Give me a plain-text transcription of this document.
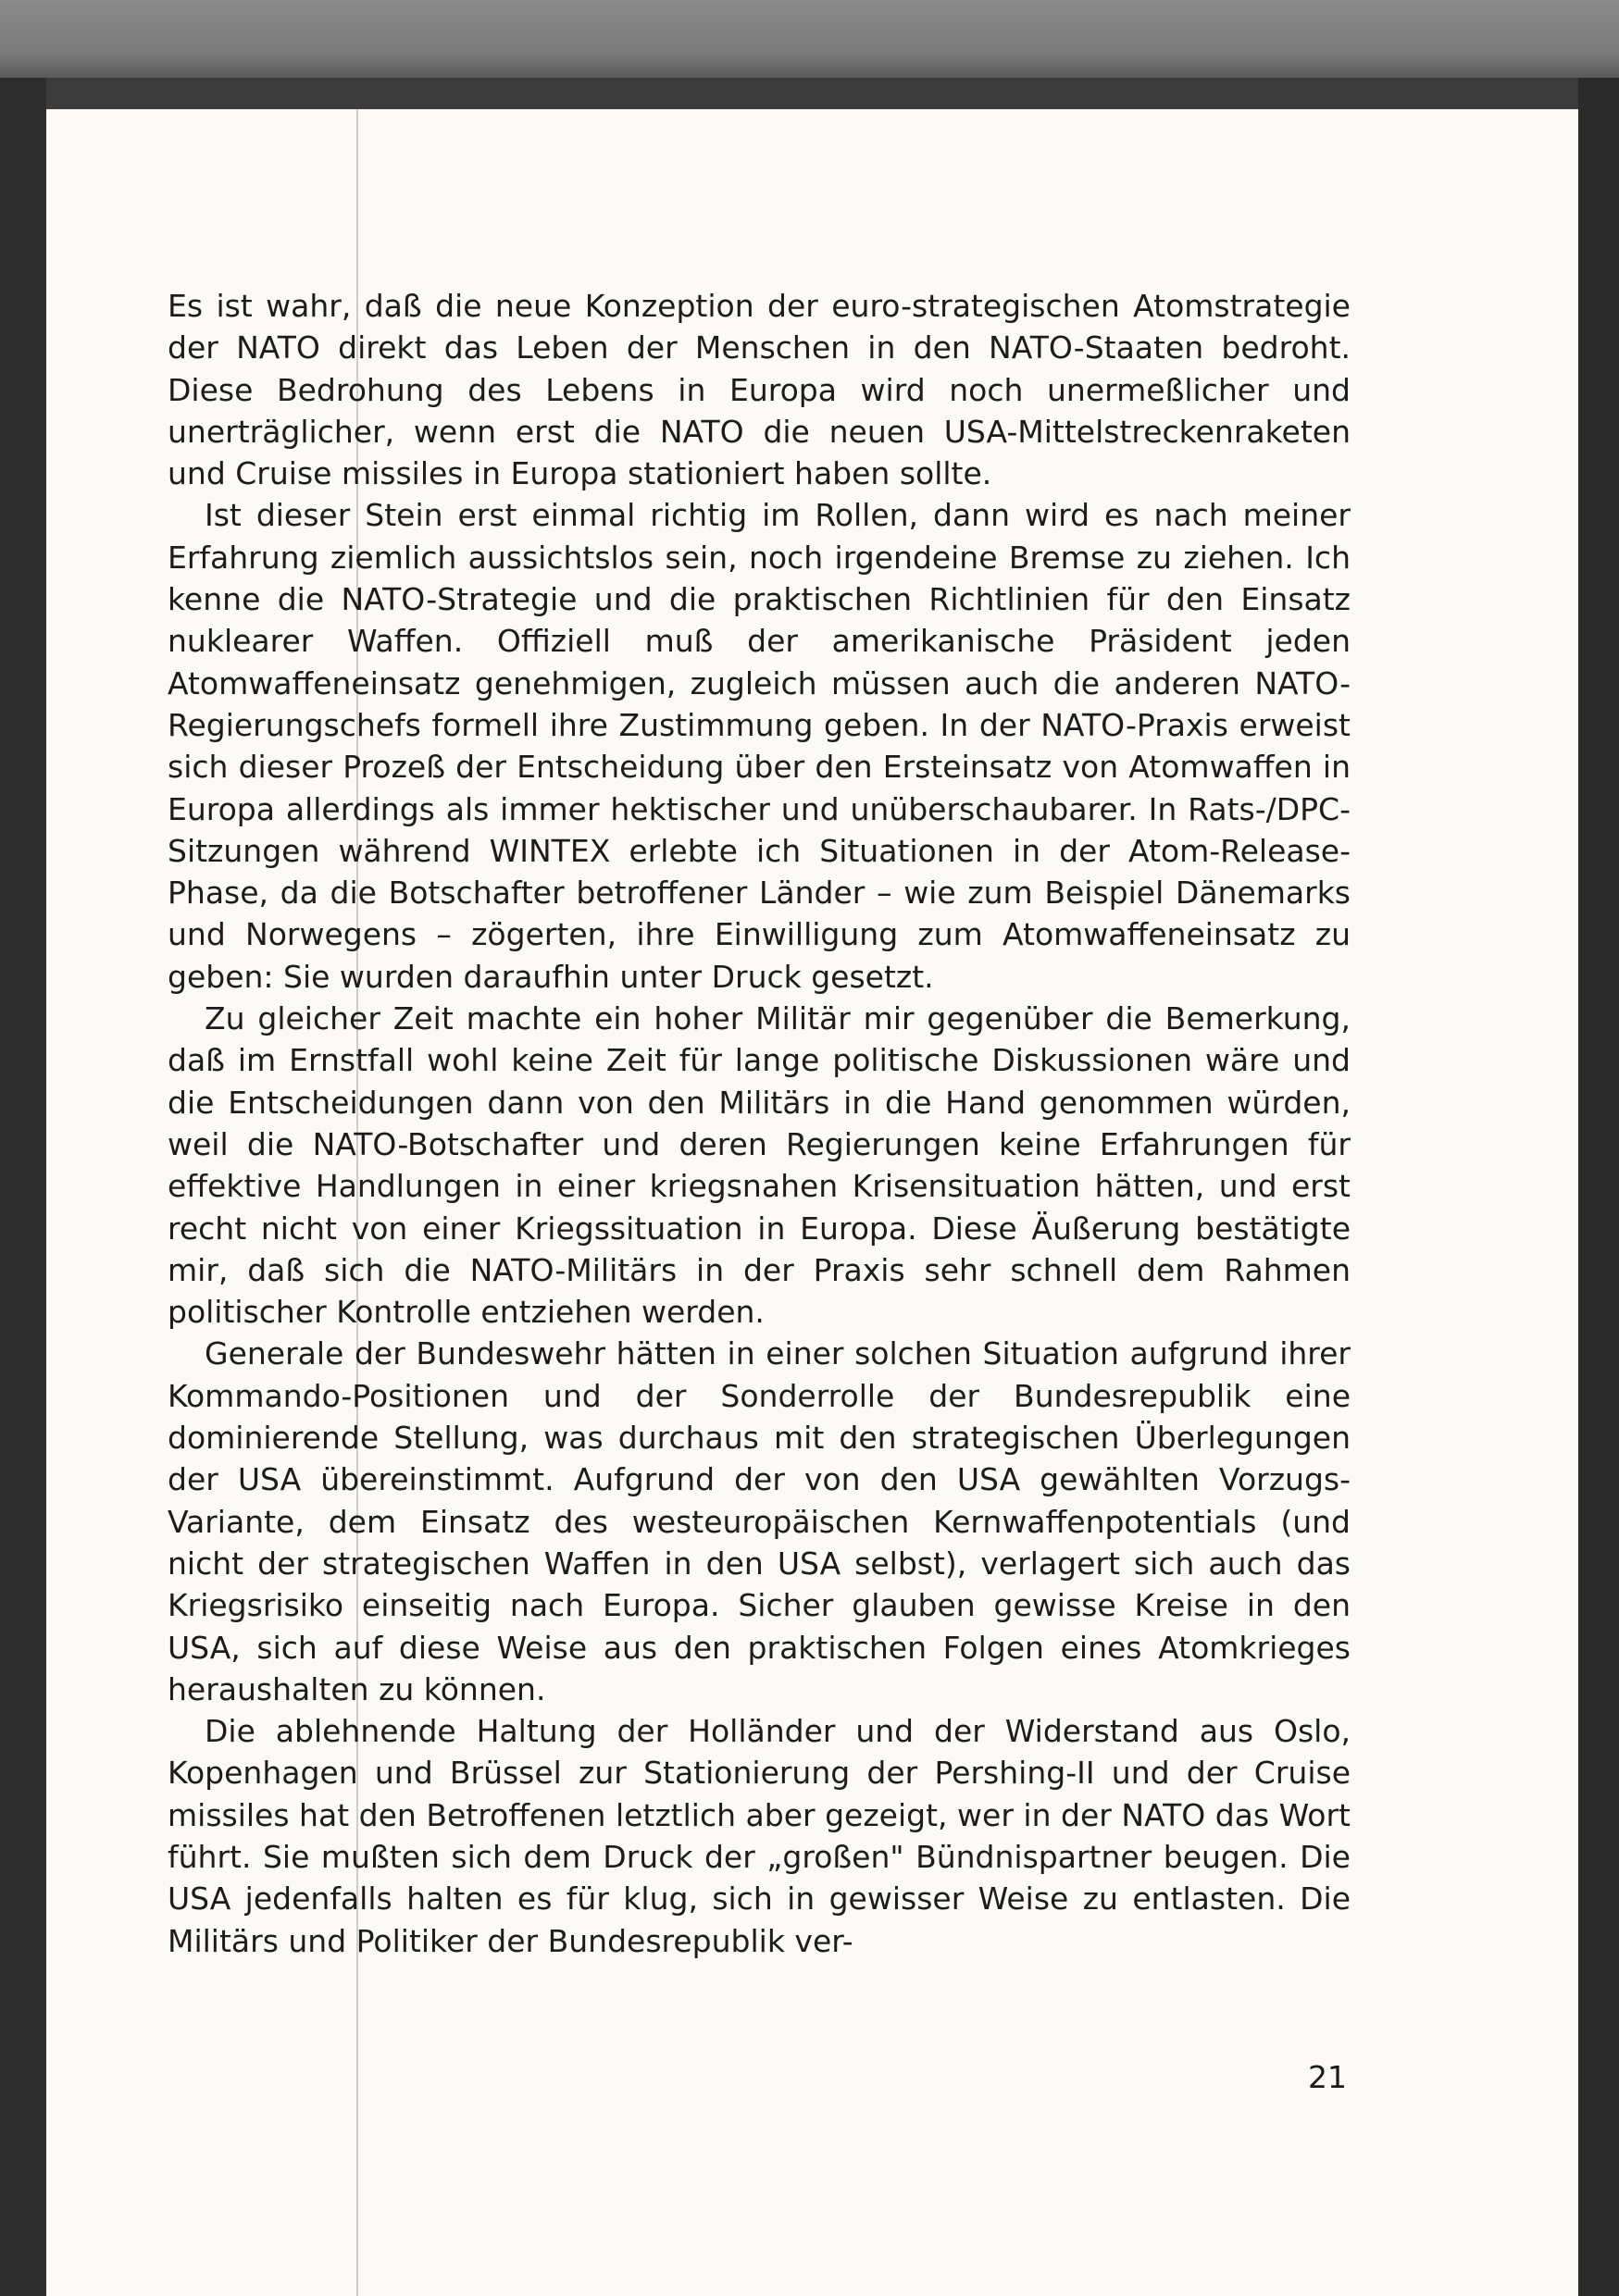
Es ist wahr, daß die neue Konzeption der euro-strategischen Atomstrategie der NATO direkt das Leben der Menschen in den NATO-Staaten bedroht. Diese Bedrohung des Lebens in Europa wird noch unermeßlicher und unerträglicher, wenn erst die NATO die neuen USA-Mittelstreckenraketen und Cruise missiles in Europa stationiert haben sollte.

Ist dieser Stein erst einmal richtig im Rollen, dann wird es nach meiner Erfahrung ziemlich aussichtslos sein, noch irgendeine Bremse zu ziehen. Ich kenne die NATO-Strategie und die praktischen Richtlinien für den Einsatz nuklearer Waffen. Offiziell muß der amerikanische Präsident jeden Atomwaffeneinsatz genehmigen, zugleich müssen auch die anderen NATO-Regierungschefs formell ihre Zustimmung geben. In der NATO-Praxis erweist sich dieser Prozeß der Entscheidung über den Ersteinsatz von Atomwaffen in Europa allerdings als immer hektischer und unüberschaubarer. In Rats-/DPC-Sitzungen während WINTEX erlebte ich Situationen in der Atom-Release-Phase, da die Botschafter betroffener Länder – wie zum Beispiel Dänemarks und Norwegens – zögerten, ihre Einwilligung zum Atomwaffeneinsatz zu geben: Sie wurden daraufhin unter Druck gesetzt.

Zu gleicher Zeit machte ein hoher Militär mir gegenüber die Bemerkung, daß im Ernstfall wohl keine Zeit für lange politische Diskussionen wäre und die Entscheidungen dann von den Militärs in die Hand genommen würden, weil die NATO-Botschafter und deren Regierungen keine Erfahrungen für effektive Handlungen in einer kriegsnahen Krisensituation hätten, und erst recht nicht von einer Kriegssituation in Europa. Diese Äußerung bestätigte mir, daß sich die NATO-Militärs in der Praxis sehr schnell dem Rahmen politischer Kontrolle entziehen werden.

Generale der Bundeswehr hätten in einer solchen Situation aufgrund ihrer Kommando-Positionen und der Sonderrolle der Bundesrepublik eine dominierende Stellung, was durchaus mit den strategischen Überlegungen der USA übereinstimmt. Aufgrund der von den USA gewählten Vorzugs-Variante, dem Einsatz des westeuropäischen Kernwaffenpotentials (und nicht der strategischen Waffen in den USA selbst), verlagert sich auch das Kriegsrisiko einseitig nach Europa. Sicher glauben gewisse Kreise in den USA, sich auf diese Weise aus den praktischen Folgen eines Atomkrieges heraushalten zu können.

Die ablehnende Haltung der Holländer und der Widerstand aus Oslo, Kopenhagen und Brüssel zur Stationierung der Pershing-II und der Cruise missiles hat den Betroffenen letztlich aber gezeigt, wer in der NATO das Wort führt. Sie mußten sich dem Druck der „großen" Bündnispartner beugen. Die USA jedenfalls halten es für klug, sich in gewisser Weise zu entlasten. Die Militärs und Politiker der Bundesrepublik ver-

21
